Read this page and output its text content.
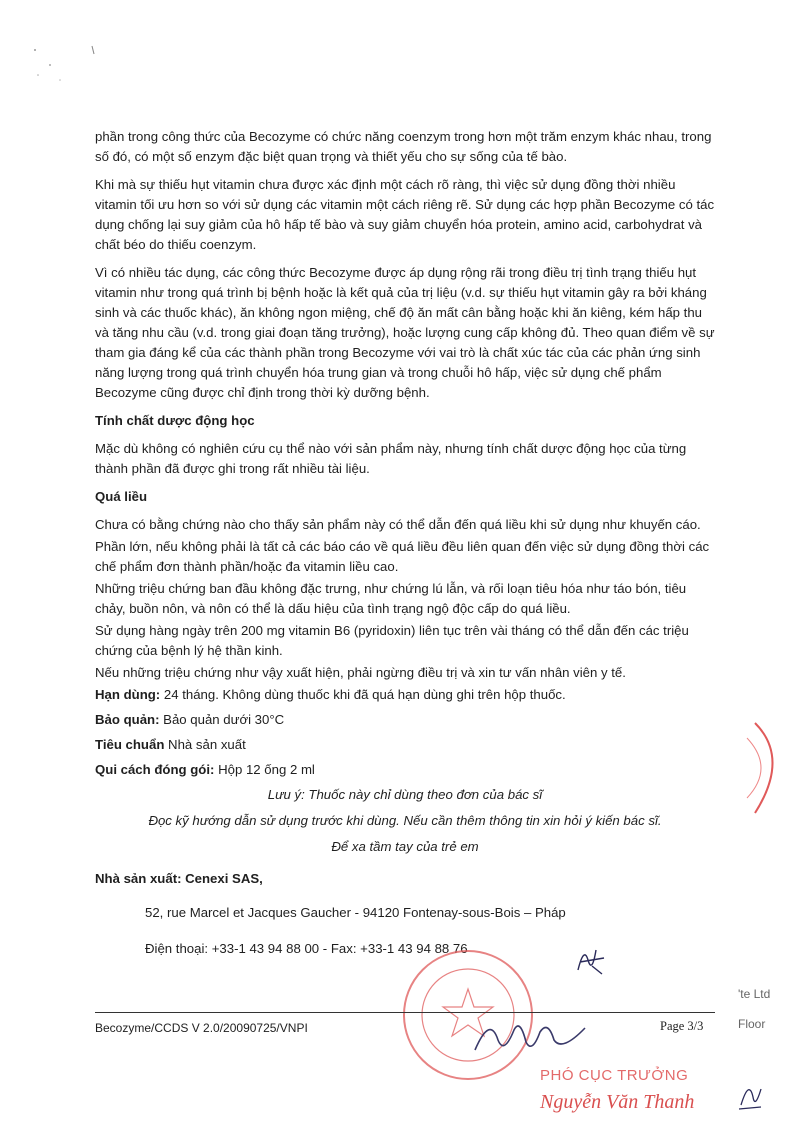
phần trong công thức của Becozyme có chức năng coenzym trong hơn một trăm enzym khác nhau, trong số đó, có một số enzym đặc biệt quan trọng và thiết yếu cho sự sống của tế bào.

Khi mà sự thiếu hụt vitamin chưa được xác định một cách rõ ràng, thì việc sử dụng đồng thời nhiều vitamin tối ưu hơn so với sử dụng các vitamin một cách riêng rẽ. Sử dụng các hợp phần Becozyme có tác dụng chống lại suy giảm của hô hấp tế bào và suy giảm chuyển hóa protein, amino acid, carbohydrat và chất béo do thiếu coenzym.

Vì có nhiều tác dụng, các công thức Becozyme được áp dụng rộng rãi trong điều trị tình trạng thiếu hụt vitamin như trong quá trình bị bệnh hoặc là kết quả của trị liệu (v.d. sự thiếu hụt vitamin gây ra bởi kháng sinh và các thuốc khác), ăn không ngon miệng, chế độ ăn mất cân bằng hoặc khi ăn kiêng, kém hấp thu và tăng nhu cầu (v.d. trong giai đoạn tăng trưởng), hoặc lượng cung cấp không đủ. Theo quan điểm về sự tham gia đáng kể của các thành phần trong Becozyme với vai trò là chất xúc tác của các phản ứng sinh năng lượng trong quá trình chuyển hóa trung gian và trong chuỗi hô hấp, việc sử dụng chế phẩm Becozyme cũng được chỉ định trong thời kỳ dưỡng bệnh.

Tính chất dược động học

Mặc dù không có nghiên cứu cụ thể nào với sản phẩm này, nhưng tính chất dược động học của từng thành phần đã được ghi trong rất nhiều tài liệu.

Quá liều

Chưa có bằng chứng nào cho thấy sản phẩm này có thể dẫn đến quá liều khi sử dụng như khuyến cáo.

Phần lớn, nếu không phải là tất cả các báo cáo về quá liều đều liên quan đến việc sử dụng đồng thời các chế phẩm đơn thành phần/hoặc đa vitamin liều cao.

Những triệu chứng ban đầu không đặc trưng, như chứng lú lẫn, và rối loạn tiêu hóa như táo bón, tiêu chảy, buồn nôn, và nôn có thể là dấu hiệu của tình trạng ngộ độc cấp do quá liều.

Sử dụng hàng ngày trên 200 mg vitamin B6 (pyridoxin) liên tục trên vài tháng có thể dẫn đến các triệu chứng của bệnh lý hệ thần kinh.

Nếu những triệu chứng như vậy xuất hiện, phải ngừng điều trị và xin tư vấn nhân viên y tế.

Hạn dùng: 24 tháng. Không dùng thuốc khi đã quá hạn dùng ghi trên hộp thuốc.

Bảo quản: Bảo quản dưới 30°C

Tiêu chuẩn Nhà sản xuất

Qui cách đóng gói: Hộp 12 ống 2 ml

Lưu ý: Thuốc này chỉ dùng theo đơn của bác sĩ

Đọc kỹ hướng dẫn sử dụng trước khi dùng. Nếu cần thêm thông tin xin hỏi ý kiến bác sĩ.

Để xa tầm tay của trẻ em

Nhà sản xuất: Cenexi SAS,

52, rue Marcel et Jacques Gaucher - 94120 Fontenay-sous-Bois – Pháp

Điện thoại: +33-1 43 94 88 00 - Fax: +33-1 43 94 88 76

'te Ltd
Floor
Becozyme/CCDS V 2.0/20090725/VNPI	Page 3/3
PHÓ CỤC TRƯỞNG
Nguyễn Văn Thanh
